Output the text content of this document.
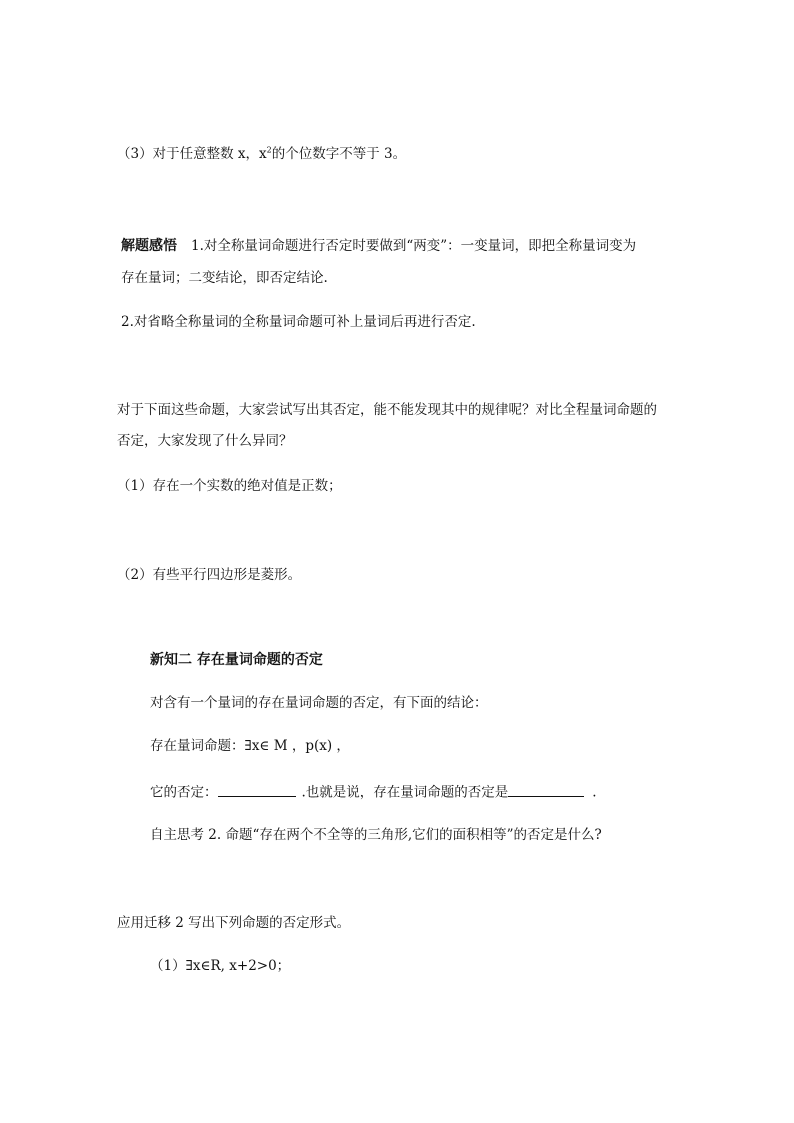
（3）对于任意整数 x，$x^2$的个位数字不等于 3。
解题感悟 1.对全称量词命题进行否定时要做到“两变”：一变量词，即把全称量词变为
存在量词；二变结论，即否定结论.
2.对省略全称量词的全称量词命题可补上量词后再进行否定.
对于下面这些命题，大家尝试写出其否定，能不能发现其中的规律呢？对比全程量词命题的
否定，大家发现了什么异同？
（1）存在一个实数的绝对值是正数；
（2）有些平行四边形是菱形。
新知二 存在量词命题的否定
对含有一个量词的存在量词命题的否定，有下面的结论：
存在量词命题：∃x∈ M ，p(x) ，
它的否定：	.也就是说，存在量词命题的否定是	.
自主思考 2. 命题“存在两个不全等的三角形,它们的面积相等”的否定是什么?
应用迁移 2 写出下列命题的否定形式。
（1）∃x∈R, x+2>0；
